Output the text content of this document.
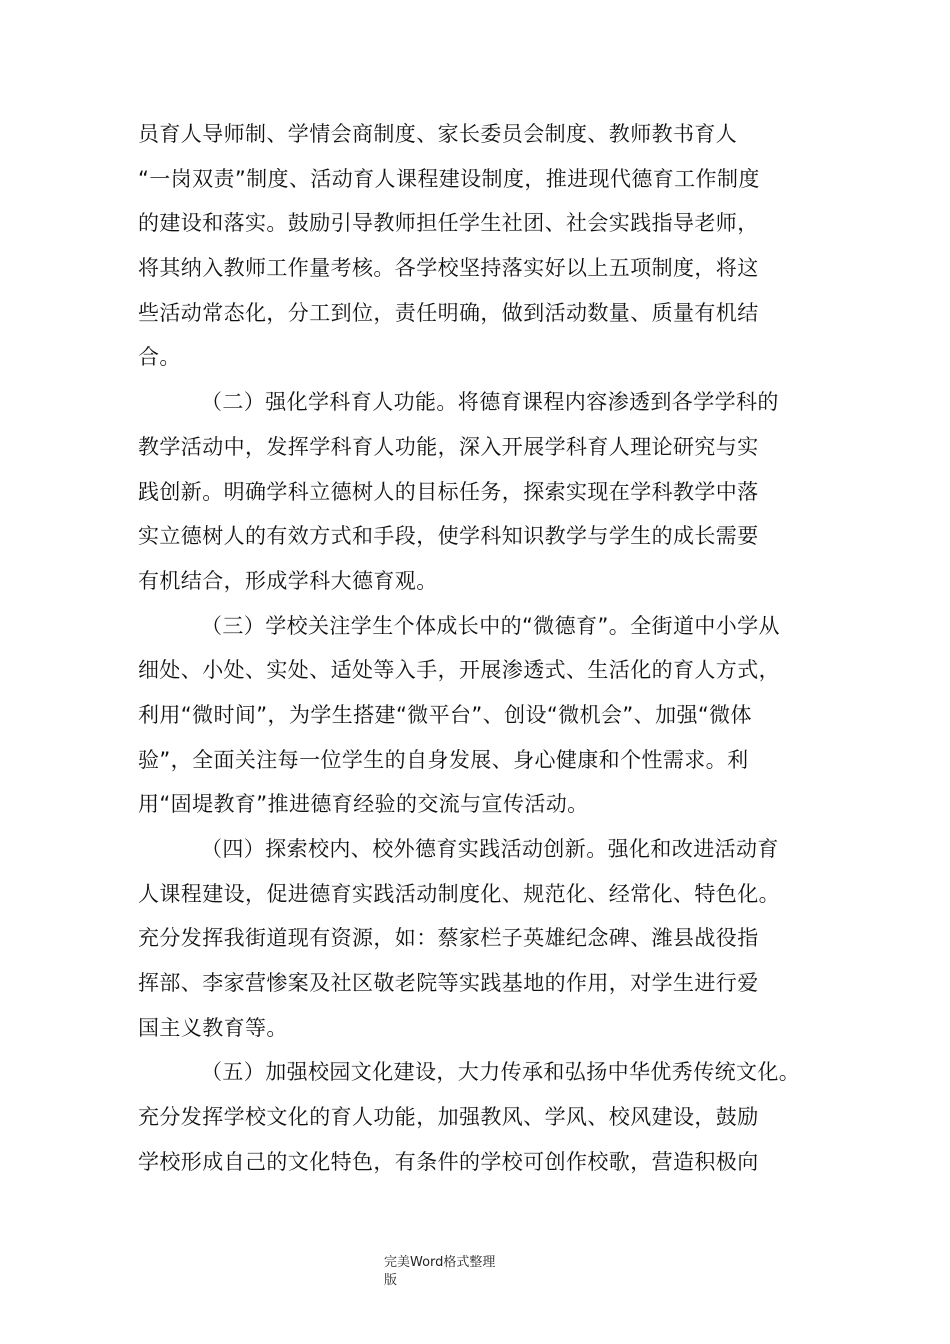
员育人导师制、学情会商制度、家长委员会制度、教师教书育人
“一岗双责”制度、活动育人课程建设制度，推进现代德育工作制度
的建设和落实。鼓励引导教师担任学生社团、社会实践指导老师，
将其纳入教师工作量考核。各学校坚持落实好以上五项制度，将这
些活动常态化，分工到位，责任明确，做到活动数量、质量有机结
合。
（二）强化学科育人功能。将德育课程内容渗透到各学学科的
教学活动中，发挥学科育人功能，深入开展学科育人理论研究与实
践创新。明确学科立德树人的目标任务，探索实现在学科教学中落
实立德树人的有效方式和手段，使学科知识教学与学生的成长需要
有机结合，形成学科大德育观。
（三）学校关注学生个体成长中的“微德育”。全街道中小学从
细处、小处、实处、适处等入手，开展渗透式、生活化的育人方式，
利用“微时间”，为学生搭建“微平台”、创设“微机会”、加强“微体
验”，全面关注每一位学生的自身发展、身心健康和个性需求。利
用“固堤教育”推进德育经验的交流与宣传活动。
（四）探索校内、校外德育实践活动创新。强化和改进活动育
人课程建设，促进德育实践活动制度化、规范化、经常化、特色化。
充分发挥我街道现有资源，如：蔡家栏子英雄纪念碑、潍县战役指
挥部、李家营惨案及社区敬老院等实践基地的作用，对学生进行爱
国主义教育等。
（五）加强校园文化建设，大力传承和弘扬中华优秀传统文化。
充分发挥学校文化的育人功能，加强教风、学风、校风建设，鼓励
学校形成自己的文化特色，有条件的学校可创作校歌，营造积极向
完美Word格式整理
版
